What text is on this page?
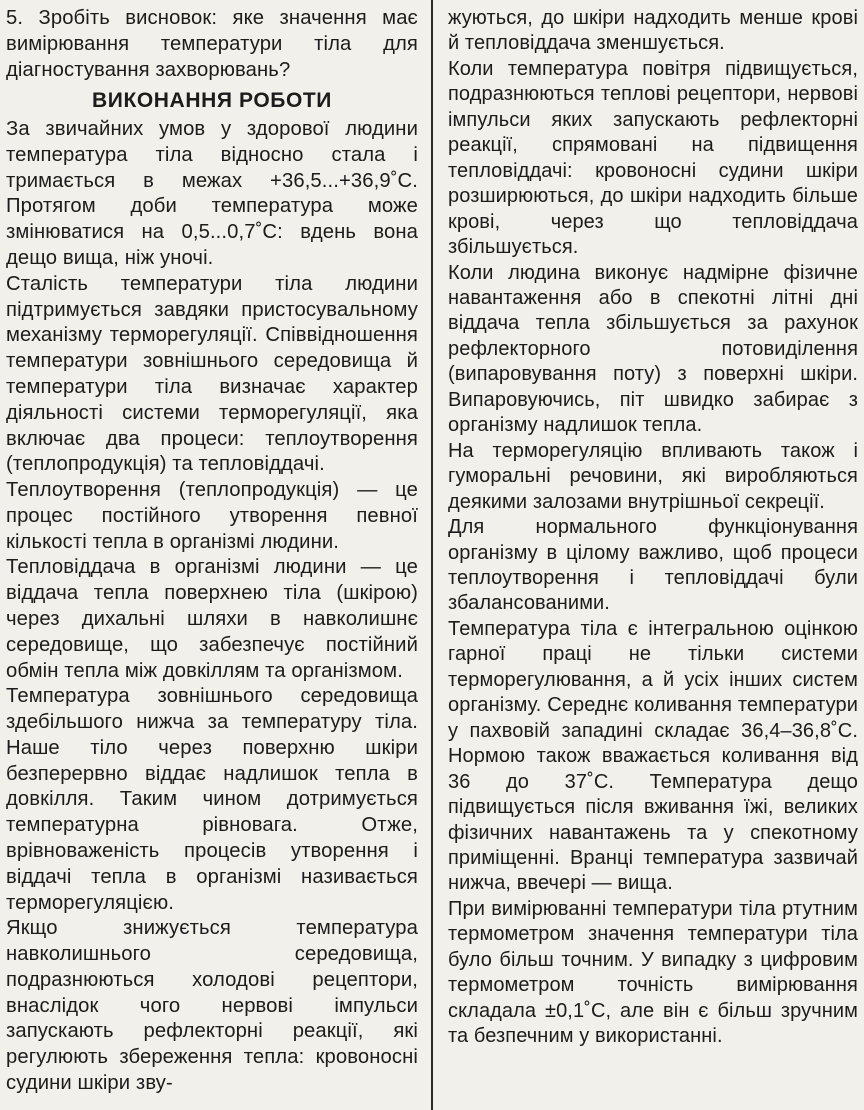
5. Зробіть висновок: яке значення має вимірювання температури тіла для діагностування захворювань?

ВИКОНАННЯ РОБОТИ

За звичайних умов у здорової людини температура тіла відносно стала і тримається в межах +36,5...+36,9˚С. Протягом доби температура може змінюватися на 0,5...0,7˚С: вдень вона дещо вища, ніж уночі.

Сталість температури тіла людини підтримується завдяки пристосувальному механізму терморегуляції. Співвідношення температури зовнішнього середовища й температури тіла визначає характер діяльності системи терморегуляції, яка включає два процеси: теплоутворення (теплопродукція) та тепловіддачі.

Теплоутворення (теплопродукція) — це процес постійного утворення певної кількості тепла в організмі людини.

Тепловіддача в організмі людини — це віддача тепла поверхнею тіла (шкірою) через дихальні шляхи в навколишнє середовище, що забезпечує постійний обмін тепла між довкіллям та організмом.

Температура зовнішнього середовища здебільшого нижча за температуру тіла. Наше тіло через поверхню шкіри безперервно віддає надлишок тепла в довкілля. Таким чином дотримується температурна рівновага. Отже, врівноваженість процесів утворення і віддачі тепла в організмі називається терморегуляцією.

Якщо знижується температура навколишнього середовища, подразнюються холодові рецептори, внаслідок чого нервові імпульси запускають рефлекторні реакції, які регулюють збереження тепла: кровоносні судини шкіри зву-

жуються, до шкіри надходить менше крові й тепловіддача зменшується.

Коли температура повітря підвищується, подразнюються теплові рецептори, нервові імпульси яких запускають рефлекторні реакції, спрямовані на підвищення тепловіддачі: кровоносні судини шкіри розширюються, до шкіри надходить більше крові, через що тепловіддача збільшується.

Коли людина виконує надмірне фізичне навантаження або в спекотні літні дні віддача тепла збільшується за рахунок рефлекторного потовиділення (випаровування поту) з поверхні шкіри. Випаровуючись, піт швидко забирає з організму надлишок тепла.

На терморегуляцію впливають також і гуморальні речовини, які виробляються деякими залозами внутрішньої секреції.

Для нормального функціонування організму в цілому важливо, щоб процеси теплоутворення і тепловіддачі були збалансованими.

Температура тіла є інтегральною оцінкою гарної праці не тільки системи терморегулювання, а й усіх інших систем організму. Середнє коливання температури у пахвовій западині складає 36,4–36,8˚С. Нормою також вважається коливання від 36 до 37˚С. Температура дещо підвищується після вживання їжі, великих фізичних навантажень та у спекотному приміщенні. Вранці температура зазвичай нижча, ввечері — вища.

При вимірюванні температури тіла ртутним термометром значення температури тіла було більш точним. У випадку з цифровим термометром точність вимірювання складала ±0,1˚С, але він є більш зручним та безпечним у використанні.
